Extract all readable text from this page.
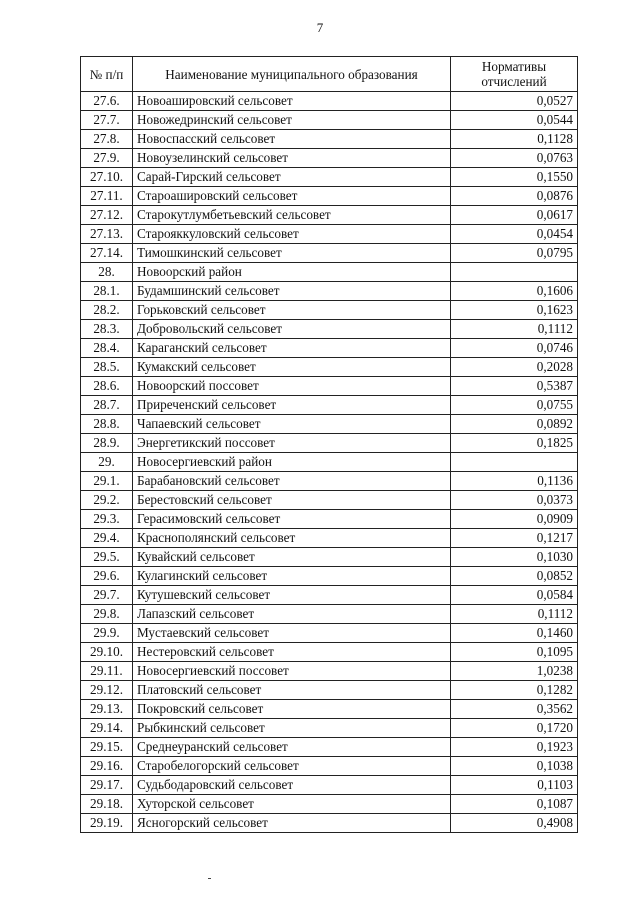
7
№ п/п	Наименование муниципального образования	Нормативы отчислений
27.6.	Новоашировский сельсовет	0,0527
27.7.	Новожедринский сельсовет	0,0544
27.8.	Новоспасский сельсовет	0,1128
27.9.	Новоузелинский сельсовет	0,0763
27.10.	Сарай-Гирский сельсовет	0,1550
27.11.	Староашировский сельсовет	0,0876
27.12.	Старокутлумбетьевский сельсовет	0,0617
27.13.	Старояккуловский сельсовет	0,0454
27.14.	Тимошкинский сельсовет	0,0795
28.	Новоорский район	
28.1.	Будамшинский сельсовет	0,1606
28.2.	Горьковский сельсовет	0,1623
28.3.	Добровольский сельсовет	0,1112
28.4.	Караганский сельсовет	0,0746
28.5.	Кумакский сельсовет	0,2028
28.6.	Новоорский поссовет	0,5387
28.7.	Приреченский сельсовет	0,0755
28.8.	Чапаевский сельсовет	0,0892
28.9.	Энергетикский поссовет	0,1825
29.	Новосергиевский район	
29.1.	Барабановский сельсовет	0,1136
29.2.	Берестовский сельсовет	0,0373
29.3.	Герасимовский сельсовет	0,0909
29.4.	Краснополянский сельсовет	0,1217
29.5.	Кувайский сельсовет	0,1030
29.6.	Кулагинский сельсовет	0,0852
29.7.	Кутушевский сельсовет	0,0584
29.8.	Лапазский сельсовет	0,1112
29.9.	Мустаевский сельсовет	0,1460
29.10.	Нестеровский сельсовет	0,1095
29.11.	Новосергиевский поссовет	1,0238
29.12.	Платовский сельсовет	0,1282
29.13.	Покровский сельсовет	0,3562
29.14.	Рыбкинский сельсовет	0,1720
29.15.	Среднеуранский сельсовет	0,1923
29.16.	Старобелогорский сельсовет	0,1038
29.17.	Судьбодаровский сельсовет	0,1103
29.18.	Хуторской сельсовет	0,1087
29.19.	Ясногорский сельсовет	0,4908
